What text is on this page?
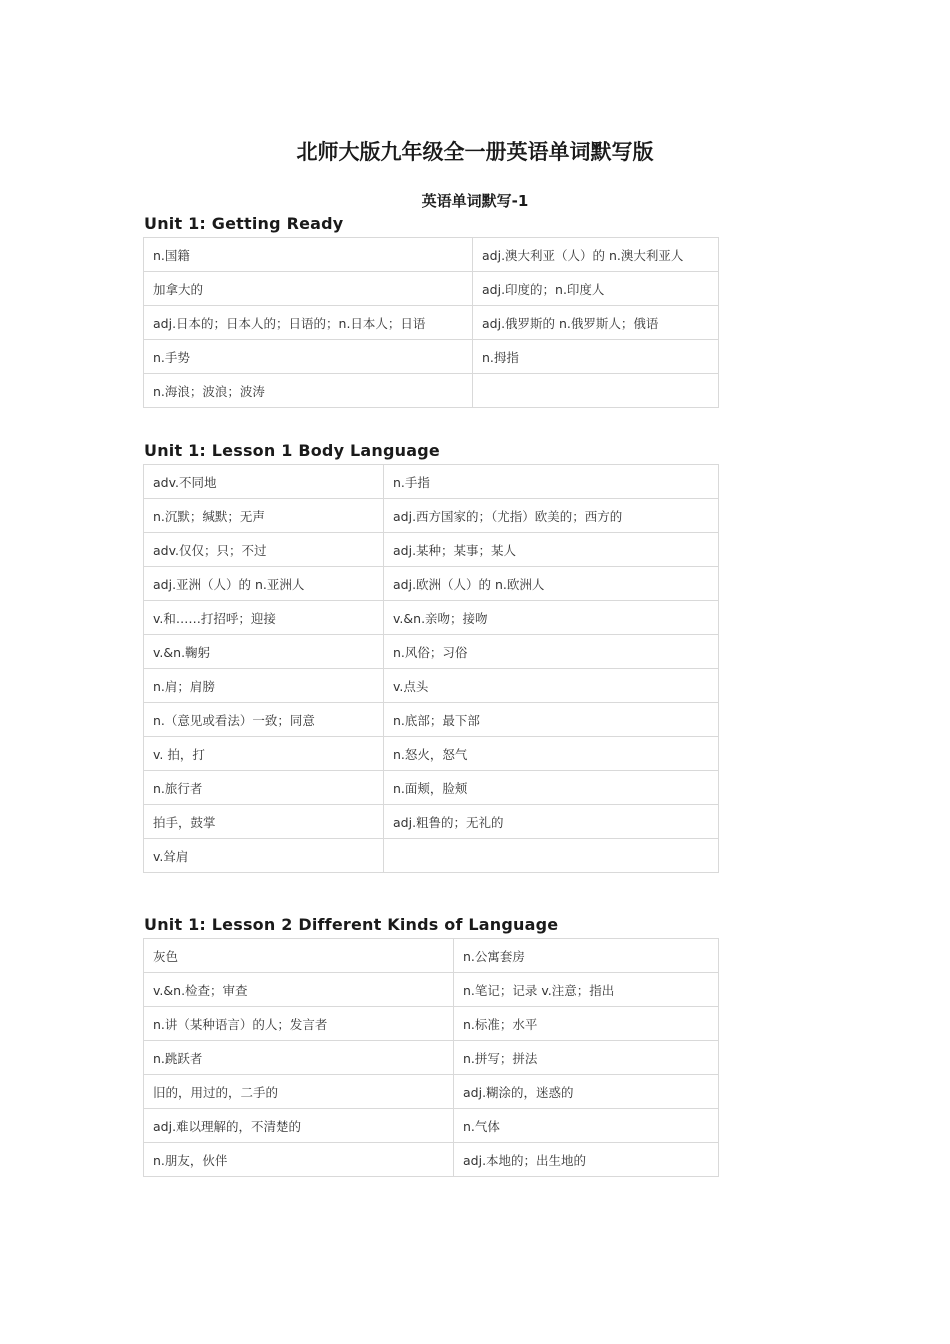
北师大版九年级全一册英语单词默写版
英语单词默写-1
Unit 1: Getting Ready
n.国籍	adj.澳大利亚（人）的 n.澳大利亚人
加拿大的	adj.印度的；n.印度人
adj.日本的；日本人的；日语的；n.日本人；日语	adj.俄罗斯的 n.俄罗斯人；俄语
n.手势	n.拇指
n.海浪；波浪；波涛	
Unit 1: Lesson 1 Body Language
adv.不同地	n.手指
n.沉默；缄默；无声	adj.西方国家的；（尤指）欧美的；西方的
adv.仅仅；只；不过	adj.某种；某事；某人
adj.亚洲（人）的 n.亚洲人	adj.欧洲（人）的 n.欧洲人
v.和……打招呼；迎接	v.&n.亲吻；接吻
v.&n.鞠躬	n.风俗；习俗
n.肩；肩膀	v.点头
n.（意见或看法）一致；同意	n.底部；最下部
v. 拍，打	n.怒火，怒气
n.旅行者	n.面颊，脸颊
拍手，鼓掌	adj.粗鲁的；无礼的
v.耸肩	
Unit 1: Lesson 2 Different Kinds of Language
灰色	n.公寓套房
v.&n.检查；审查	n.笔记；记录 v.注意；指出
n.讲（某种语言）的人；发言者	n.标准；水平
n.跳跃者	n.拼写；拼法
旧的，用过的，二手的	adj.糊涂的，迷惑的
adj.难以理解的，不清楚的	n.气体
n.朋友，伙伴	adj.本地的；出生地的
